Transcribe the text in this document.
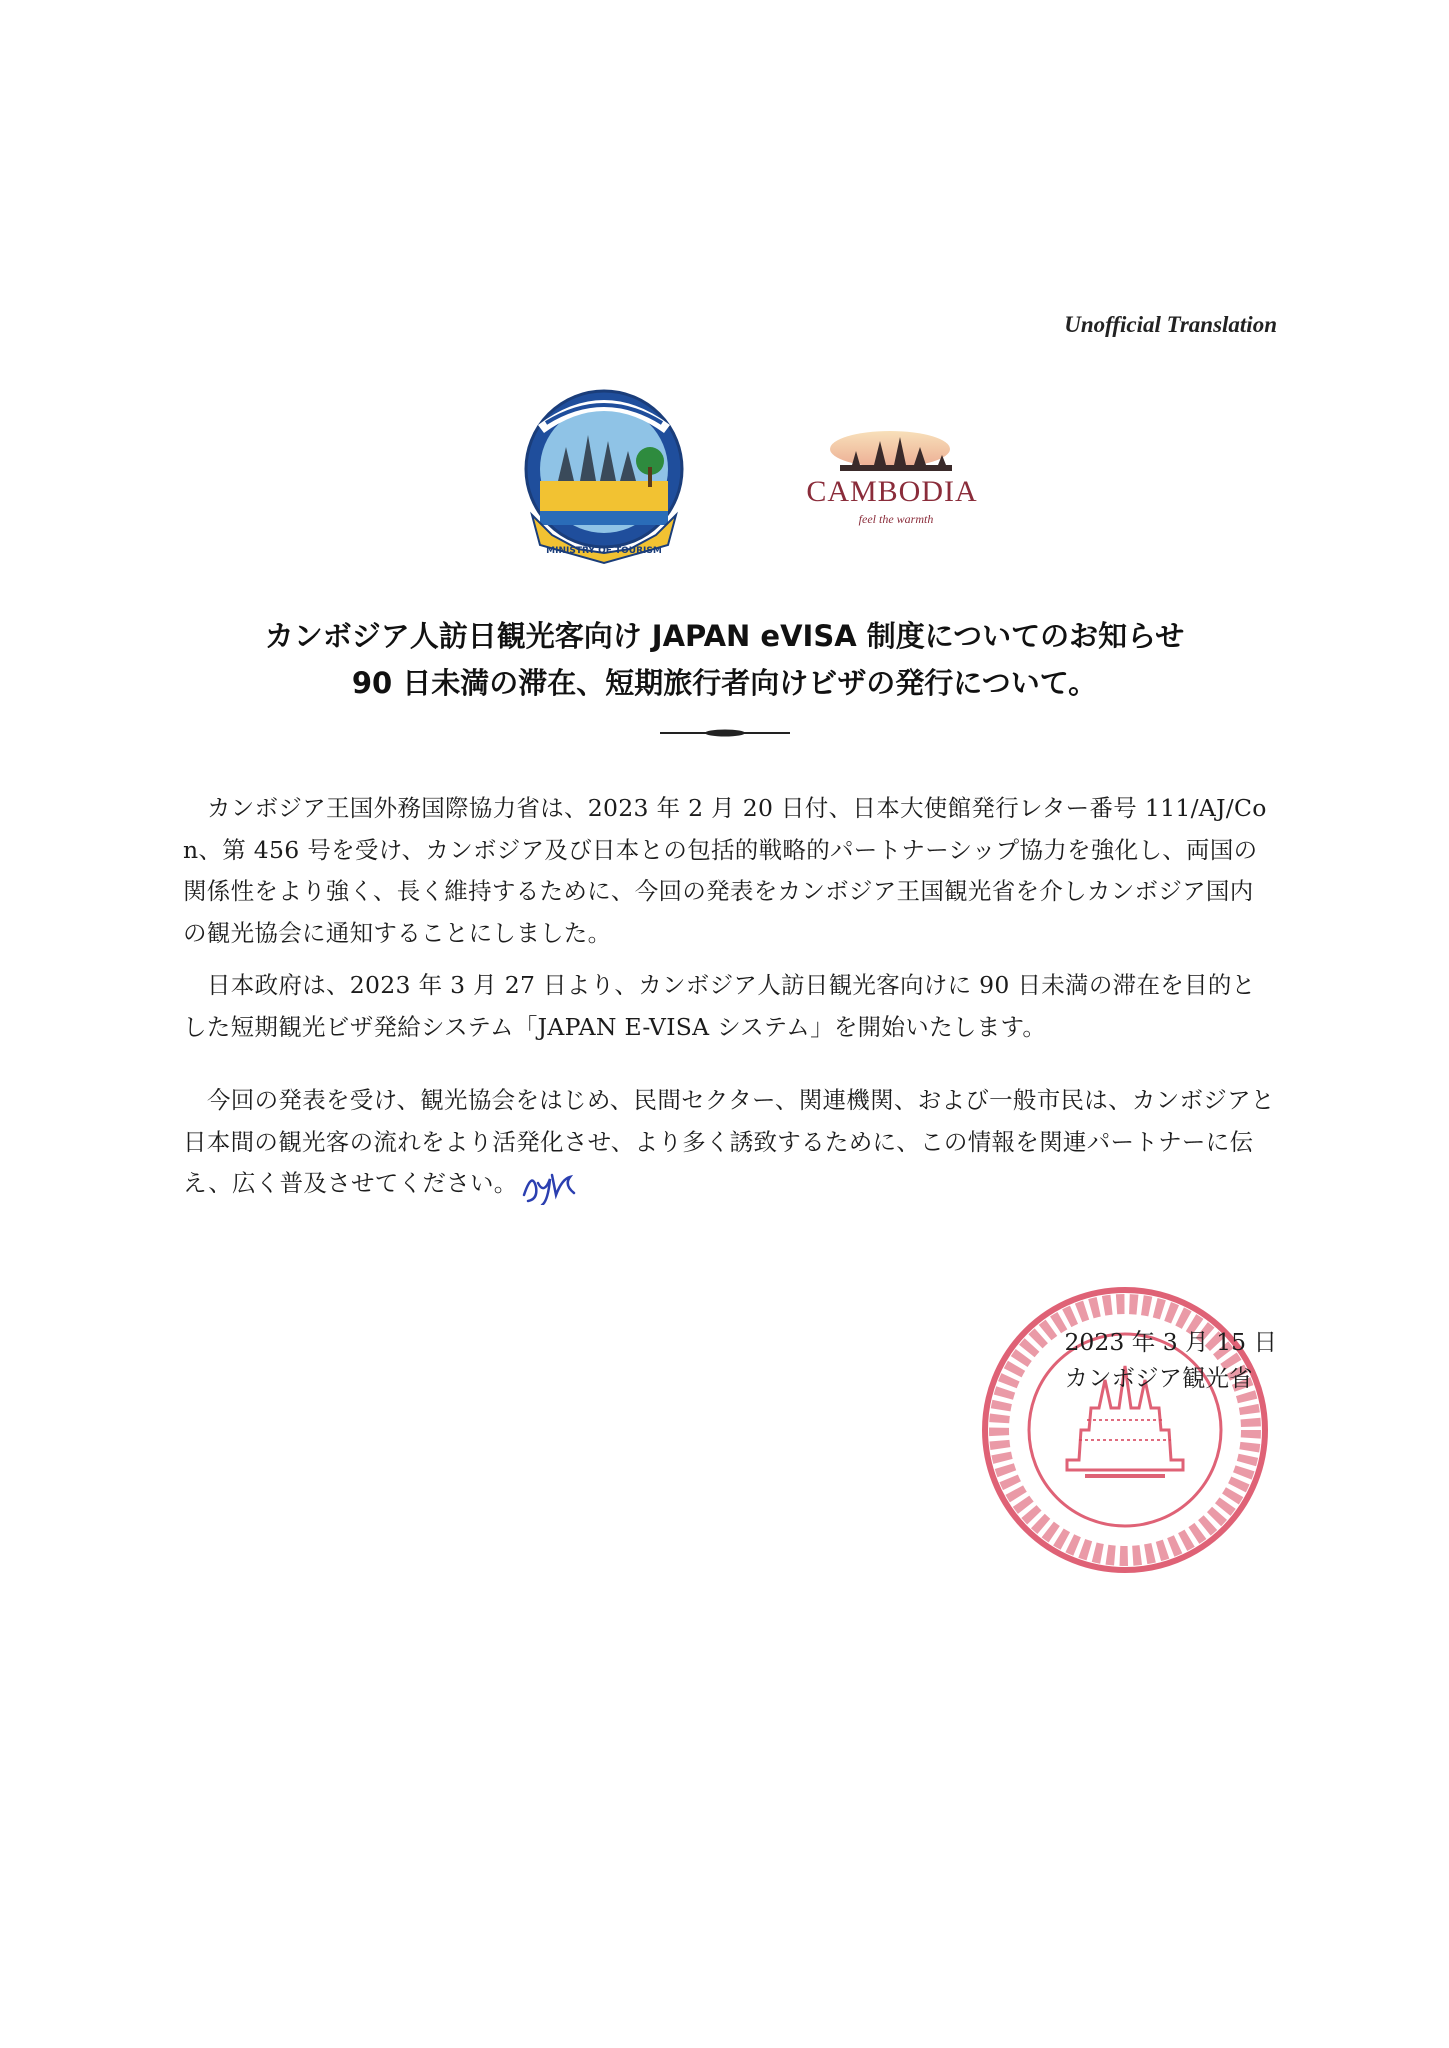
Unofficial Translation
MINISTRY OF TOURISM
CAMBODIA
feel the warmth
カンボジア人訪日観光客向け JAPAN eVISA 制度についてのお知らせ
90 日未満の滞在、短期旅行者向けビザの発行について。
カンボジア王国外務国際協力省は、2023 年 2 月 20 日付、日本大使館発行レター番号 111/AJ/Con、第 456 号を受け、カンボジア及び日本との包括的戦略的パートナーシップ協力を強化し、両国の関係性をより強く、長く維持するために、今回の発表をカンボジア王国観光省を介しカンボジア国内の観光協会に通知することにしました。
日本政府は、2023 年 3 月 27 日より、カンボジア人訪日観光客向けに 90 日未満の滞在を目的とした短期観光ビザ発給システム「JAPAN E-VISA システム」を開始いたします。
今回の発表を受け、観光協会をはじめ、民間セクター、関連機関、および一般市民は、カンボジアと日本間の観光客の流れをより活発化させ、より多く誘致するために、この情報を関連パートナーに伝え、広く普及させてください。
2023 年 3 月 15 日
カンボジア観光省
